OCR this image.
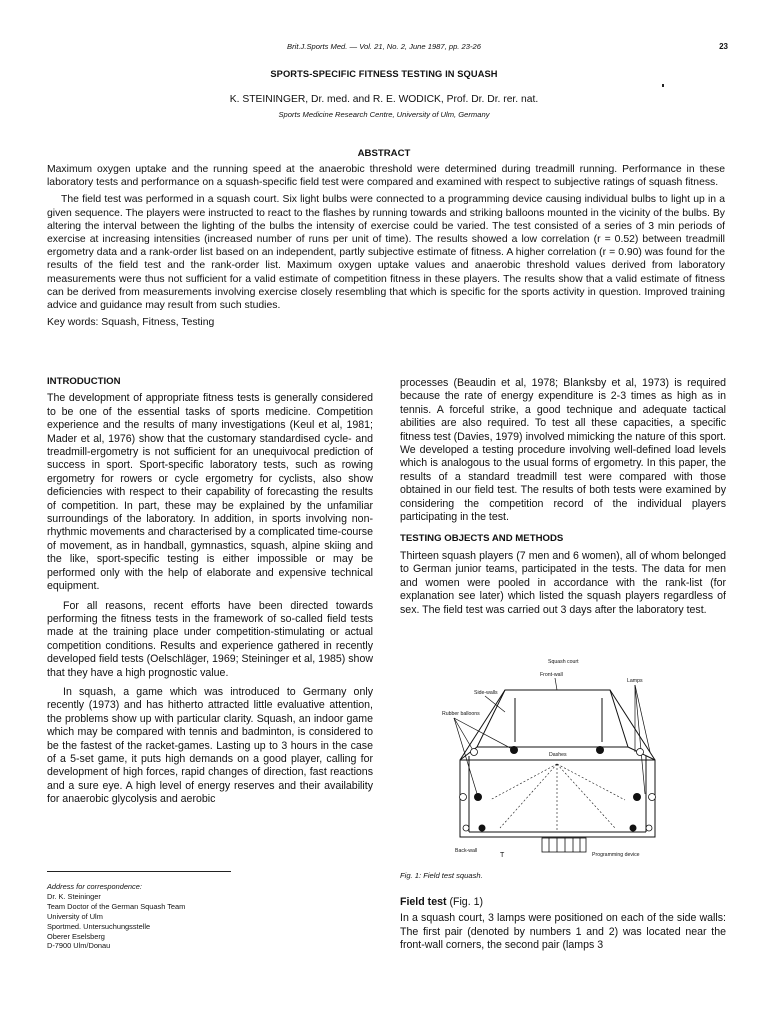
Brit.J.Sports Med. — Vol. 21, No. 2, June 1987, pp. 23-26	23
SPORTS-SPECIFIC FITNESS TESTING IN SQUASH
K. STEININGER, Dr. med. and R. E. WODICK, Prof. Dr. Dr. rer. nat.
Sports Medicine Research Centre, University of Ulm, Germany
ABSTRACT

Maximum oxygen uptake and the running speed at the anaerobic threshold were determined during treadmill running. Performance in these laboratory tests and performance on a squash-specific field test were compared and examined with respect to subjective ratings of squash fitness.

The field test was performed in a squash court. Six light bulbs were connected to a programming device causing individual bulbs to light up in a given sequence. The players were instructed to react to the flashes by running towards and striking balloons mounted in the vicinity of the bulbs. By altering the interval between the lighting of the bulbs the intensity of exercise could be varied. The test consisted of a series of 3 min periods of exercise at increasing intensities (increased number of runs per unit of time). The results showed a low correlation (r = 0.52) between treadmill ergometry data and a rank-order list based on an independent, partly subjective estimate of fitness. A higher correlation (r = 0.90) was found for the results of the field test and the rank-order list. Maximum oxygen uptake values and anaerobic threshold values derived from laboratory measurements were thus not sufficient for a valid estimate of competition fitness in these players. The results show that a valid estimate of fitness can be derived from measurements involving exercise closely resembling that which is specific for the sports activity in question. Improved training advice and guidance may result from such studies.

Key words: Squash, Fitness, Testing

INTRODUCTION

The development of appropriate fitness tests is generally considered to be one of the essential tasks of sports medicine. Competition experience and the results of many investigations (Keul et al, 1981; Mader et al, 1976) show that the customary standardised cycle- and treadmill-ergometry is not sufficient for an unequivocal prediction of success in sport. Sport-specific laboratory tests, such as rowing ergometry for rowers or cycle ergometry for cyclists, also show deficiencies with respect to their capability of forecasting the results of competition. In part, these may be explained by the unfamiliar surroundings of the laboratory. In addition, in sports involving non-rhythmic movements and characterised by a complicated time-course of movement, as in handball, gymnastics, squash, alpine skiing and the like, sport-specific testing is either impossible or may be performed only with the help of elaborate and expensive technical equipment.

For all reasons, recent efforts have been directed towards performing the fitness tests in the framework of so-called field tests made at the training place under competition-stimulating or actual competition conditions. Results and experience gathered in recently developed field tests (Oelschläger, 1969; Steininger et al, 1985) show that they have a high prognostic value.

In squash, a game which was introduced to Germany only recently (1973) and has hitherto attracted little evaluative attention, the problems show up with particular clarity. Squash, an indoor game which may be compared with tennis and badminton, is considered to be the fastest of the racket-games. Lasting up to 3 hours in the case of a 5-set game, it puts high demands on a good player, calling for development of high forces, rapid changes of direction, fast reactions and a sure eye. A high level of energy reserves and their availability for anaerobic glycolysis and aerobic

processes (Beaudin et al, 1978; Blanksby et al, 1973) is required because the rate of energy expenditure is 2-3 times as high as in tennis. A forceful strike, a good technique and adequate tactical abilities are also required. To test all these capacities, a specific fitness test (Davies, 1979) involved mimicking the nature of this sport. We developed a testing procedure involving well-defined load levels which is analogous to the usual forms of ergometry. In this paper, the results of a standard treadmill test were compared with those obtained in our field test. The results of both tests were examined by considering the competition record of the individual players participating in the test.

TESTING OBJECTS AND METHODS

Thirteen squash players (7 men and 6 women), all of whom belonged to German junior teams, participated in the tests. The data for men and women were pooled in accordance with the rank-list (for explanation see later) which listed the squash players regardless of sex. The field test was carried out 3 days after the laboratory test.

Squash court
Front-wall
Lamps
Side-walls
Rubber balloons
Dashes
Back-wall
Programming device
T
Fig. 1: Field test squash.
Field test (Fig. 1)

In a squash court, 3 lamps were positioned on each of the side walls: The first pair (denoted by numbers 1 and 2) was located near the front-wall corners, the second pair (lamps 3

Address for correspondence:
Dr. K. Steininger
Team Doctor of the German Squash Team
University of Ulm
Sportmed. Untersuchungsstelle
Oberer Eselsberg
D-7900 Ulm/Donau
